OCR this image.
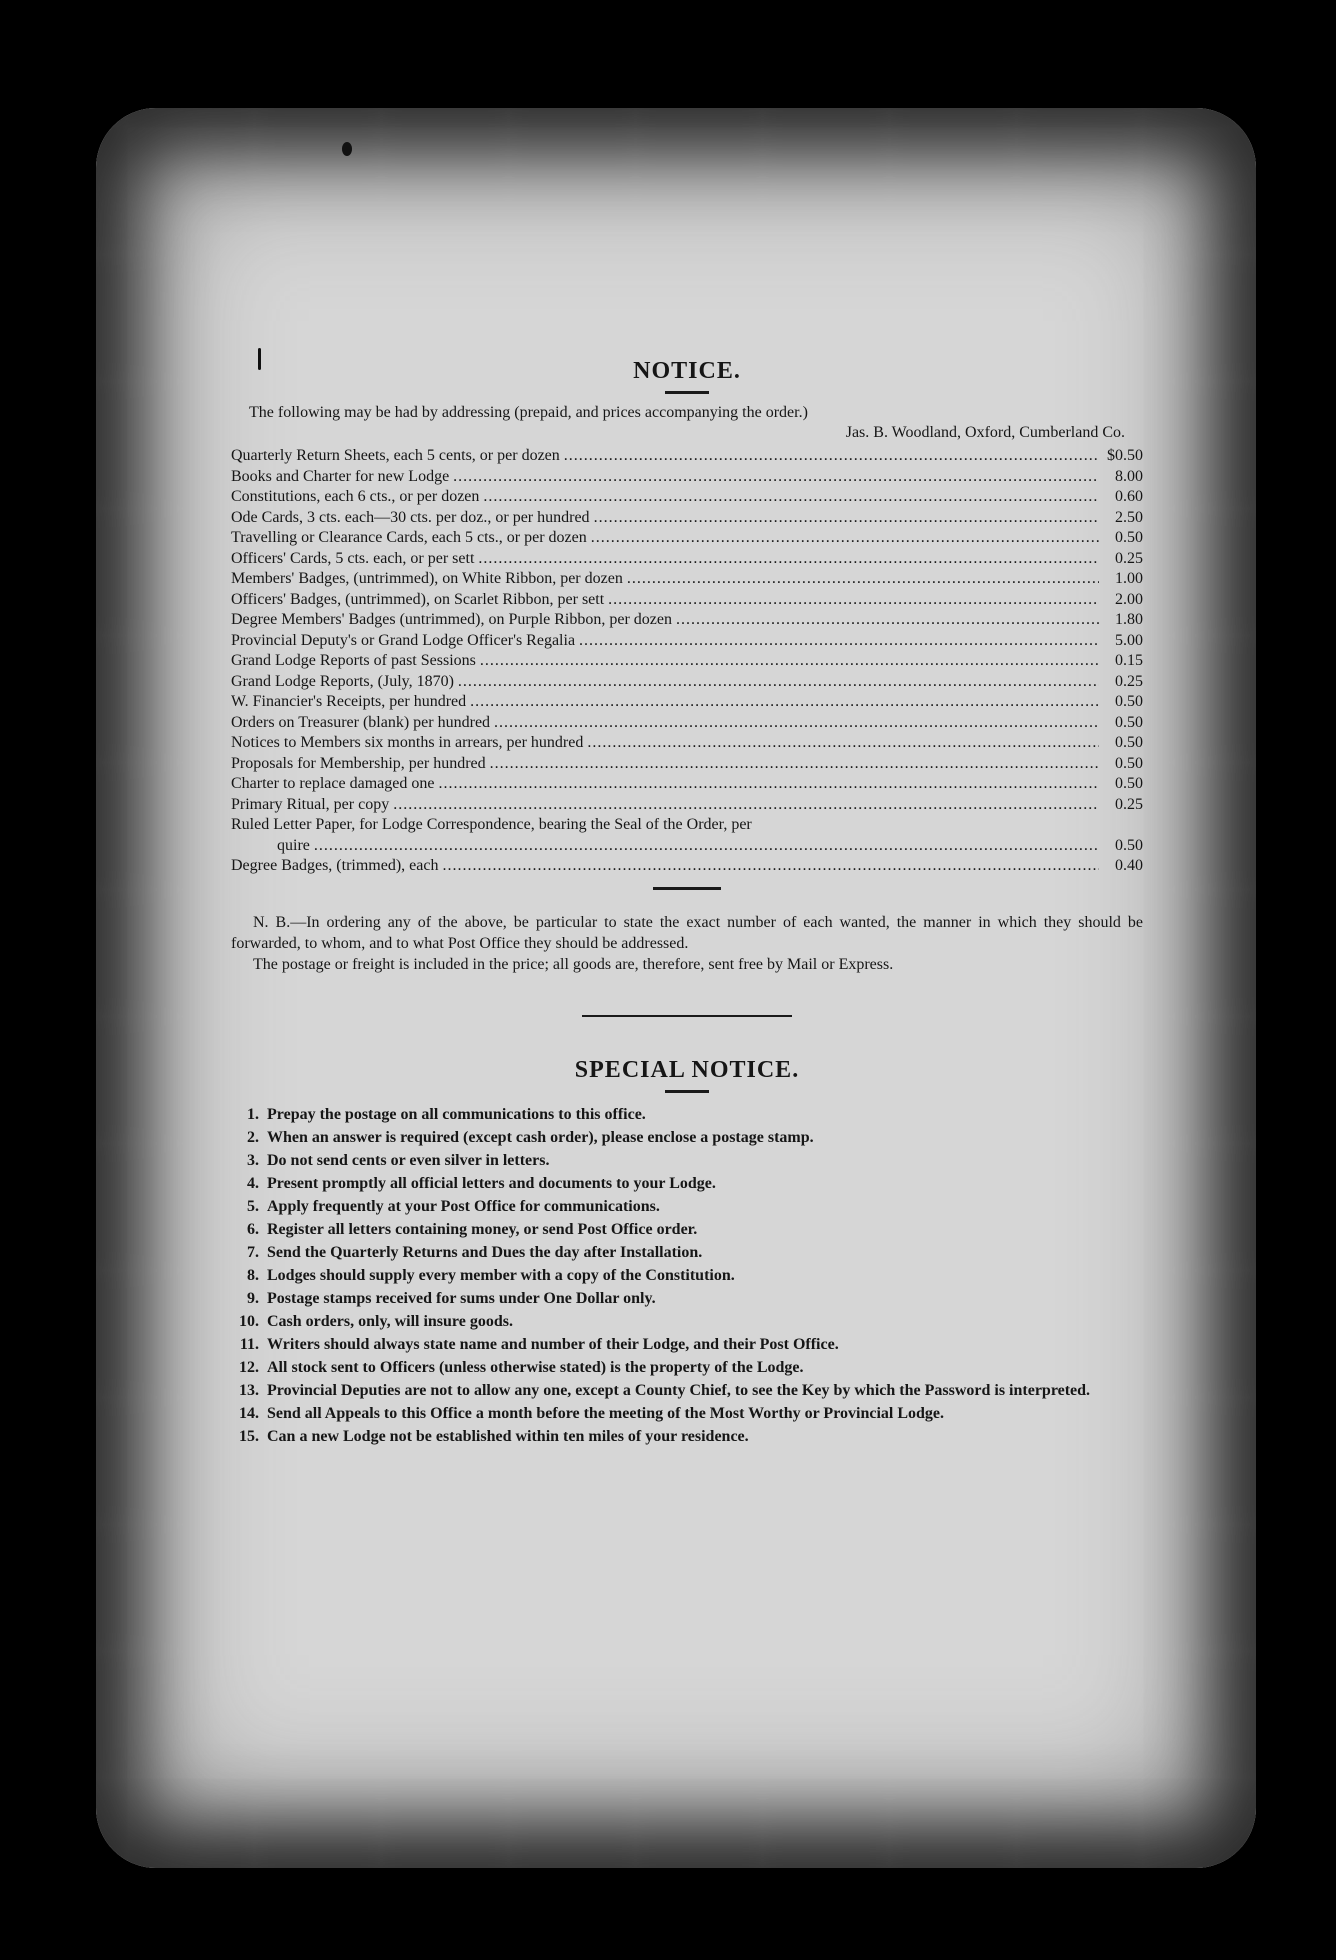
NOTICE.
The following may be had by addressing (prepaid, and prices accompanying the order.)
Jas. B. Woodland, Oxford, Cumberland Co.
Quarterly Return Sheets, each 5 cents, or per dozen .....	$0.50
Books and Charter for new Lodge .....	8.00
Constitutions, each 6 cts., or per dozen .....	0.60
Ode Cards, 3 cts. each—30 cts. per doz., or per hundred .....	2.50
Travelling or Clearance Cards, each 5 cts., or per dozen .....	0.50
Officers' Cards, 5 cts. each, or per sett .....	0.25
Members' Badges, (untrimmed), on White Ribbon, per dozen .....	1.00
Officers' Badges, (untrimmed), on Scarlet Ribbon, per sett .....	2.00
Degree Members' Badges (untrimmed), on Purple Ribbon, per dozen .....	1.80
Provincial Deputy's or Grand Lodge Officer's Regalia .....	5.00
Grand Lodge Reports of past Sessions .....	0.15
Grand Lodge Reports, (July, 1870) .....	0.25
W. Financier's Receipts, per hundred .....	0.50
Orders on Treasurer (blank) per hundred .....	0.50
Notices to Members six months in arrears, per hundred .....	0.50
Proposals for Membership, per hundred .....	0.50
Charter to replace damaged one .....	0.50
Primary Ritual, per copy .....	0.25
Ruled Letter Paper, for Lodge Correspondence, bearing the Seal of the Order, per
quire .....	0.50
Degree Badges, (trimmed), each .....	0.40

N. B.—In ordering any of the above, be particular to state the exact number of each wanted, the manner in which they should be forwarded, to whom, and to what Post Office they should be addressed.

The postage or freight is included in the price; all goods are, therefore, sent free by Mail or Express.

SPECIAL NOTICE.
1. Prepay the postage on all communications to this office.
2. When an answer is required (except cash order), please enclose a postage stamp.
3. Do not send cents or even silver in letters.
4. Present promptly all official letters and documents to your Lodge.
5. Apply frequently at your Post Office for communications.
6. Register all letters containing money, or send Post Office order.
7. Send the Quarterly Returns and Dues the day after Installation.
8. Lodges should supply every member with a copy of the Constitution.
9. Postage stamps received for sums under One Dollar only.
10. Cash orders, only, will insure goods.
11. Writers should always state name and number of their Lodge, and their Post Office.
12. All stock sent to Officers (unless otherwise stated) is the property of the Lodge.
13. Provincial Deputies are not to allow any one, except a County Chief, to see the Key by which the Password is interpreted.
14. Send all Appeals to this Office a month before the meeting of the Most Worthy or Provincial Lodge.
15. Can a new Lodge not be established within ten miles of your residence.
